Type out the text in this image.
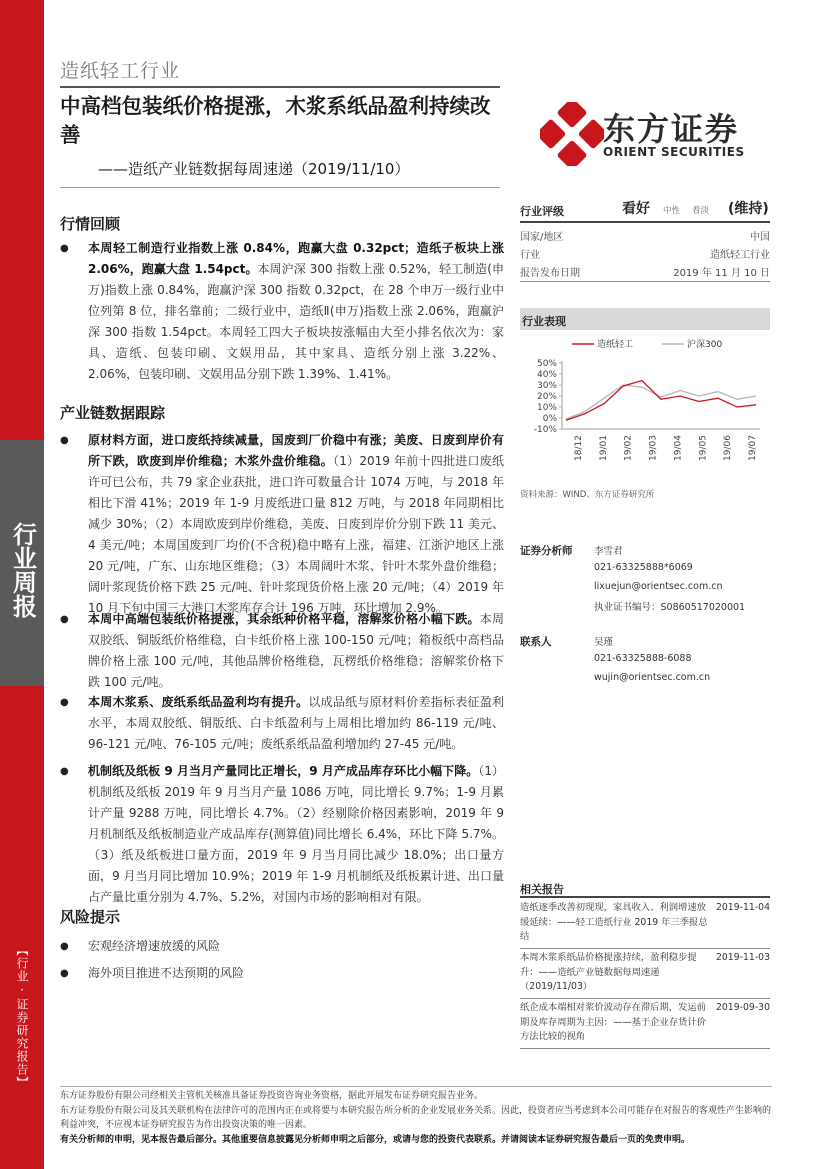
行业周报
【行业·证券研究报告】
造纸轻工行业
中高档包装纸价格提涨，木浆系纸品盈利持续改善
——造纸产业链数据每周速递（2019/11/10）
东方证券
ORIENT SECURITIES
行业评级	看好 中性 看淡 (维持)
国家/地区	中国
行业	造纸轻工行业
报告发布日期	2019 年 11 月 10 日
行业表现
50%
40%
30%
20%
10%
0%
-10%
18/12 19/01 19/02 19/03 19/04 19/05 19/06 19/07
造纸轻工	沪深300
资料来源：WIND、东方证券研究所
证券分析师	李雪君
021-63325888*6069
lixuejun@orientsec.com.cn
执业证书编号：S0860517020001
联系人	吴瑾
021-63325888-6088
wujin@orientsec.com.cn
相关报告
造纸逐季改善初现现，家具收入、利润增速放缓延续：——轻工造纸行业 2019 年三季报总结
2019-11-04
本周木浆系纸品价格提涨持续，盈利稳步提升：——造纸产业链数据每周速递（2019/11/03）
2019-11-03
纸企成本端相对浆价波动存在滞后期，发运前期及库存周期为主因：——基于企业存货计价方法比较的视角
2019-09-30
行情回顾
● 本周轻工制造行业指数上涨 0.84%，跑赢大盘 0.32pct；造纸子板块上涨 2.06%，跑赢大盘 1.54pct。本周沪深 300 指数上涨 0.52%，轻工制造(申万)指数上涨 0.84%，跑赢沪深 300 指数 0.32pct，在 28 个申万一级行业中位列第 8 位，排名靠前；二级行业中，造纸Ⅱ(申万)指数上涨 2.06%，跑赢沪深 300 指数 1.54pct。本周轻工四大子板块按涨幅由大至小排名依次为：家具、造纸、包装印刷、文娱用品，其中家具、造纸分别上涨 3.22%、2.06%，包装印刷、文娱用品分别下跌 1.39%、1.41%。
产业链数据跟踪
● 原材料方面，进口废纸持续减量，国废到厂价稳中有涨；美废、日废到岸价有所下跌，欧废到岸价维稳；木浆外盘价维稳。（1）2019 年前十四批进口废纸许可已公布，共 79 家企业获批，进口许可数量合计 1074 万吨，与 2018 年相比下滑 41%；2019 年 1-9 月废纸进口量 812 万吨，与 2018 年同期相比减少 30%；（2）本周欧废到岸价维稳，美废、日废到岸价分别下跌 11 美元、4 美元/吨；本周国废到厂均价(不含税)稳中略有上涨，福建、江浙沪地区上涨 20 元/吨，广东、山东地区维稳；（3）本周阔叶木浆、针叶木浆外盘价维稳；阔叶浆现货价格下跌 25 元/吨、针叶浆现货价格上涨 20 元/吨；（4）2019 年 10 月下旬中国三大港口木浆库存合计 196 万吨，环比增加 2.9%。
● 本周中高端包装纸价格提涨，其余纸种价格平稳，溶解浆价格小幅下跌。本周双胶纸、铜版纸价格维稳，白卡纸价格上涨 100-150 元/吨；箱板纸中高档品牌价格上涨 100 元/吨，其他品牌价格维稳，瓦楞纸价格维稳；溶解浆价格下跌 100 元/吨。
● 本周木浆系、废纸系纸品盈利均有提升。以成品纸与原材料价差指标表征盈利水平，本周双胶纸、铜版纸、白卡纸盈利与上周相比增加约 86-119 元/吨、96-121 元/吨、76-105 元/吨；废纸系纸品盈利增加约 27-45 元/吨。
● 机制纸及纸板 9 月当月产量同比正增长，9 月产成品库存环比小幅下降。（1）机制纸及纸板 2019 年 9 月当月产量 1086 万吨，同比增长 9.7%；1-9 月累计产量 9288 万吨，同比增长 4.7%。（2）经剔除价格因素影响，2019 年 9 月机制纸及纸板制造业产成品库存(测算值)同比增长 6.4%，环比下降 5.7%。（3）纸及纸板进口量方面，2019 年 9 月当月同比减少 18.0%；出口量方面，9 月当月同比增加 10.9%；2019 年 1-9 月机制纸及纸板累计进、出口量占产量比重分别为 4.7%、5.2%，对国内市场的影响相对有限。
风险提示
● 宏观经济增速放缓的风险
● 海外项目推进不达预期的风险
东方证券股份有限公司经相关主管机关核准具备证券投资咨询业务资格，据此开展发布证券研究报告业务。
东方证券股份有限公司及其关联机构在法律许可的范围内正在或将要与本研究报告所分析的企业发展业务关系。因此，投资者应当考虑到本公司可能存在对报告的客观性产生影响的利益冲突，不应视本证券研究报告为作出投资决策的唯一因素。
有关分析师的申明，见本报告最后部分。其他重要信息披露见分析师申明之后部分，或请与您的投资代表联系。并请阅读本证券研究报告最后一页的免责申明。
